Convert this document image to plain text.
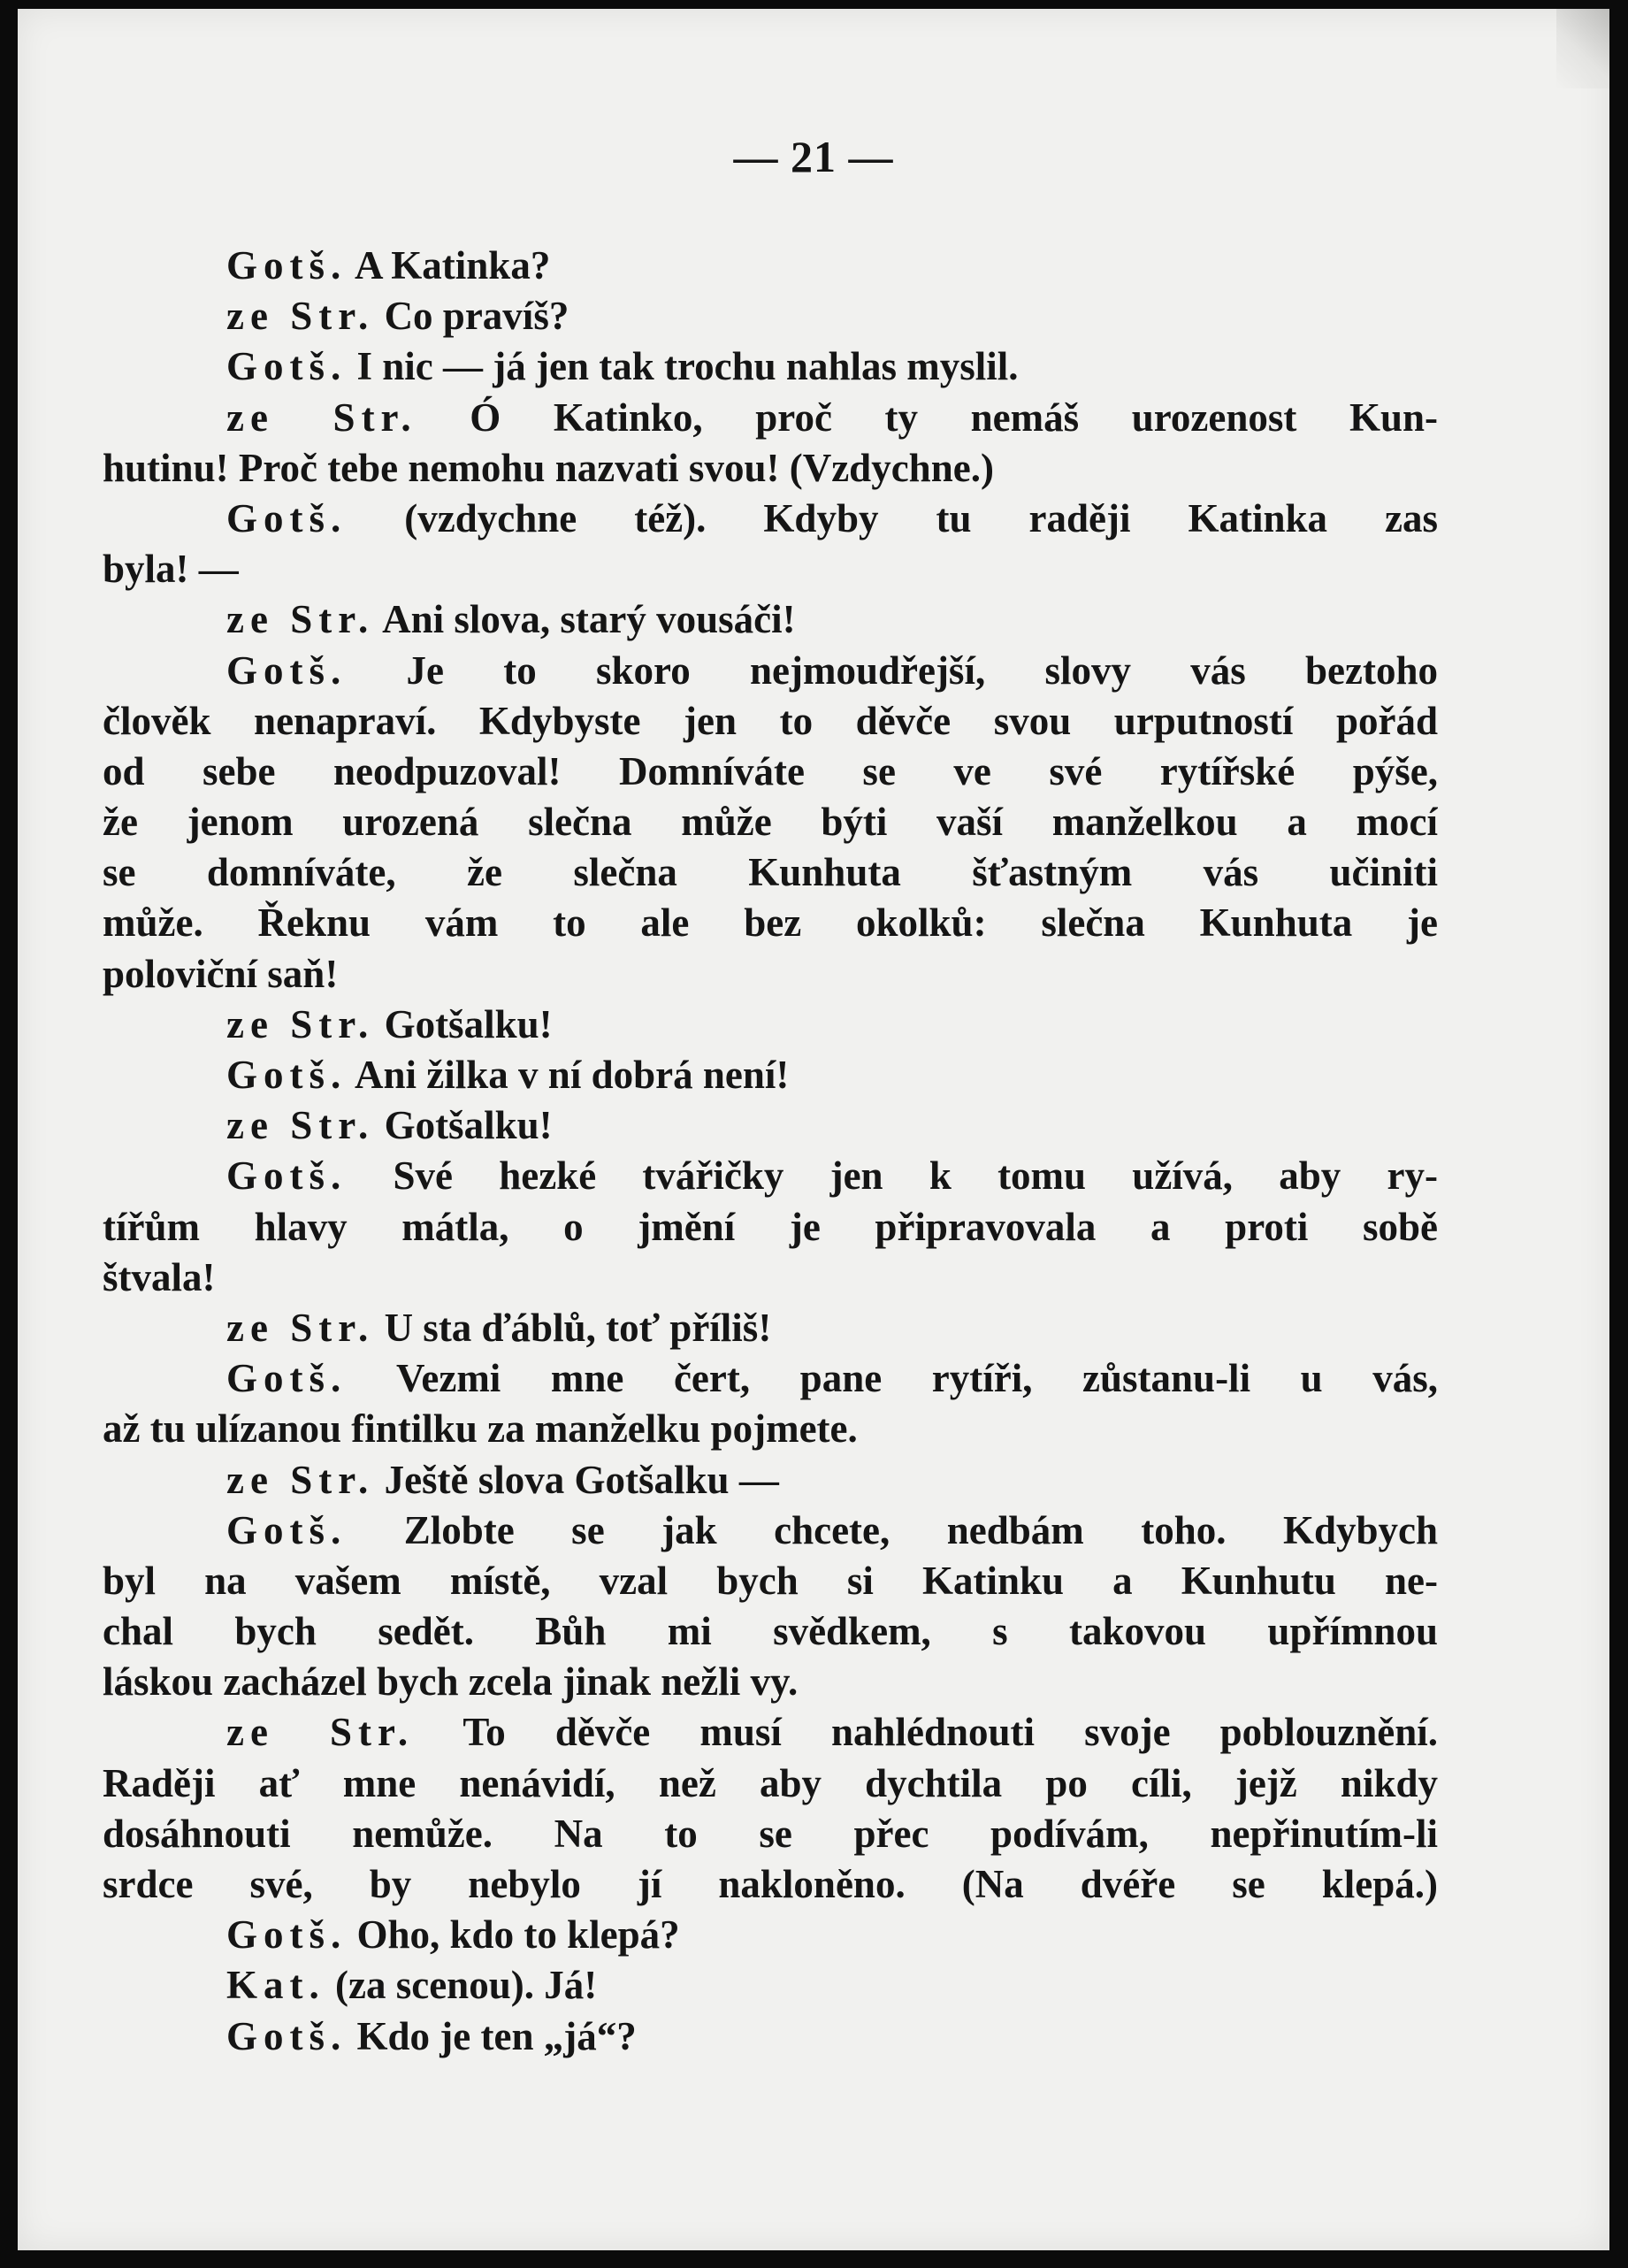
— 21 —
Gotš. A Katinka?
ze Str. Co pravíš?
Gotš. I nic — já jen tak trochu nahlas myslil.
ze Str. Ó Katinko, proč ty nemáš urozenost Kun-
hutinu! Proč tebe nemohu nazvati svou! (Vzdychne.)
Gotš. (vzdychne též). Kdyby tu raději Katinka zas
byla! —
ze Str. Ani slova, starý vousáči!
Gotš. Je to skoro nejmoudřejší, slovy vás beztoho
člověk nenapraví. Kdybyste jen to děvče svou urputností pořád
od sebe neodpuzoval! Domníváte se ve své rytířské pýše,
že jenom urozená slečna může býti vaší manželkou a mocí
se domníváte, že slečna Kunhuta šťastným vás učiniti
může. Řeknu vám to ale bez okolků: slečna Kunhuta je
poloviční saň!
ze Str. Gotšalku!
Gotš. Ani žilka v ní dobrá není!
ze Str. Gotšalku!
Gotš. Své hezké tvářičky jen k tomu užívá, aby ry-
tířům hlavy mátla, o jmění je připravovala a proti sobě
štvala!
ze Str. U sta ďáblů, toť příliš!
Gotš. Vezmi mne čert, pane rytíři, zůstanu-li u vás,
až tu ulízanou fintilku za manželku pojmete.
ze Str. Ještě slova Gotšalku —
Gotš. Zlobte se jak chcete, nedbám toho. Kdybych
byl na vašem místě, vzal bych si Katinku a Kunhutu ne-
chal bych sedět. Bůh mi svědkem, s takovou upřímnou
láskou zacházel bych zcela jinak nežli vy.
ze Str. To děvče musí nahlédnouti svoje poblouznění.
Raději ať mne nenávidí, než aby dychtila po cíli, jejž nikdy
dosáhnouti nemůže. Na to se přec podívám, nepřinutím-li
srdce své, by nebylo jí nakloněno. (Na dvéře se klepá.)
Gotš. Oho, kdo to klepá?
Kat. (za scenou). Já!
Gotš. Kdo je ten „já“?
